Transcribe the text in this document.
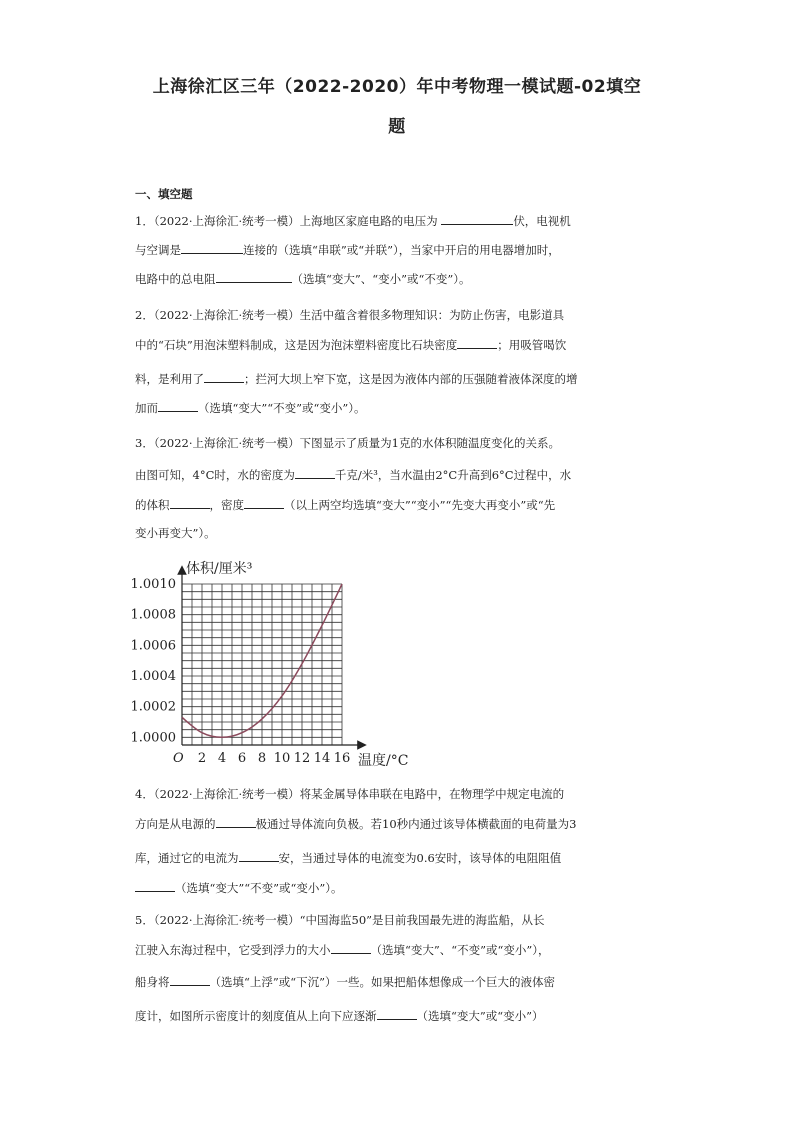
上海徐汇区三年（2022-2020）年中考物理一模试题-02填空
题
一、填空题
1．（2022·上海徐汇·统考一模）上海地区家庭电路的电压为	伏，电视机
与空调是	连接的（选填“串联”或“并联”），当家中开启的用电器增加时，
电路中的总电阻	（选填“变大”、“变小”或“不变”）。
2．（2022·上海徐汇·统考一模）生活中蕴含着很多物理知识：为防止伤害，电影道具
中的“石块”用泡沫塑料制成，这是因为泡沫塑料密度比石块密度	；用吸管喝饮
料，是利用了	；拦河大坝上窄下宽，这是因为液体内部的压强随着液体深度的增
加而	（选填“变大”“不变”或“变小”）。
3．（2022·上海徐汇·统考一模）下图显示了质量为1克的水体积随温度变化的关系。
由图可知，4°C时，水的密度为	千克/米³，当水温由2°C升高到6°C过程中，水
的体积	，密度	（以上两空均选填“变大”“变小”“先变大再变小”或“先
变小再变大”）。
2 4 6 8 10 12 14 16
1.0000
1.0002
1.0004
1.0006
1.0008
1.0010
体积/厘米³
温度/°C
O
4．（2022·上海徐汇·统考一模）将某金属导体串联在电路中，在物理学中规定电流的
方向是从电源的	极通过导体流向负极。若10秒内通过该导体横截面的电荷量为3
库，通过它的电流为	安，当通过导体的电流变为0.6安时，该导体的电阻阻值
（选填“变大”“不变”或“变小”）。
5．（2022·上海徐汇·统考一模）“中国海监50”是目前我国最先进的海监船，从长
江驶入东海过程中，它受到浮力的大小	（选填“变大”、“不变”或“变小”），
船身将	（选填“上浮”或“下沉”）一些。如果把船体想像成一个巨大的液体密
度计，如图所示密度计的刻度值从上向下应逐渐	（选填“变大”或“变小”）
